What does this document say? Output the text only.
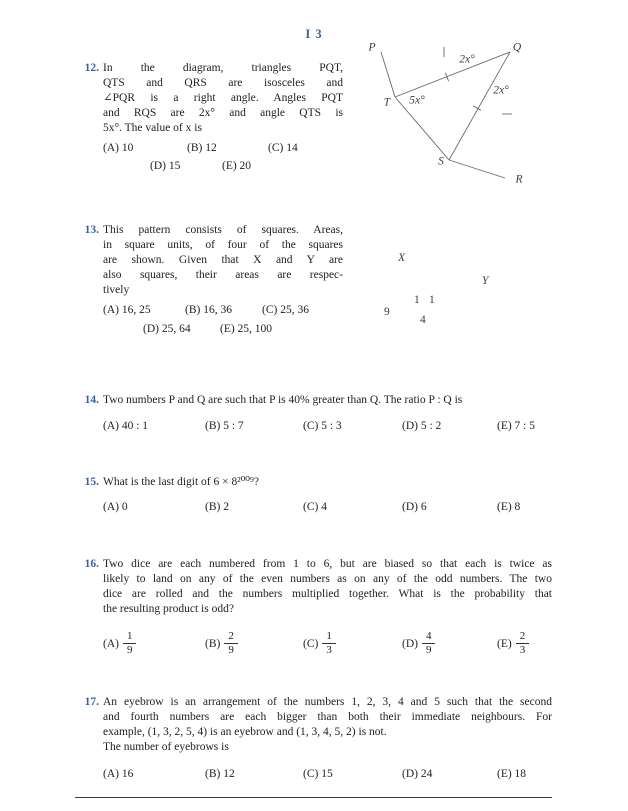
I 3
12. In the diagram, triangles PQT,
QTS and QRS are isosceles and
∠PQR is a right angle. Angles PQT
and RQS are 2x° and angle QTS is
5x°. The value of x is
(A) 10	(B) 12	(C) 14
(D) 15	(E) 20
P	Q
T
S
R
2x°
2x°
5x°
13. This pattern consists of squares. Areas,
in square units, of four of the squares
are shown. Given that X and Y are
also squares, their areas are respec-
tively
(A) 16, 25	(B) 16, 36	(C) 25, 36
(D) 25, 64	(E) 25, 100
X
Y
1 1
9
4
14. Two numbers P and Q are such that P is 40% greater than Q. The ratio P : Q is
(A) 40 : 1	(B) 5 : 7	(C) 5 : 3	(D) 5 : 2	(E) 7 : 5
15. What is the last digit of 6 × 8²⁰⁰⁹?
(A) 0	(B) 2	(C) 4	(D) 6	(E) 8
16. Two dice are each numbered from 1 to 6, but are biased so that each is twice as
likely to land on any of the even numbers as on any of the odd numbers. The two
dice are rolled and the numbers multiplied together. What is the probability that
the resulting product is odd?
$(A) \frac{1}{9}$	$(B) \frac{2}{9}$	$(C) \frac{1}{3}$	$(D) \frac{4}{9}$	$(E) \frac{2}{3}$
17. An eyebrow is an arrangement of the numbers 1, 2, 3, 4 and 5 such that the second
and fourth numbers are each bigger than both their immediate neighbours. For
example, (1, 3, 2, 5, 4) is an eyebrow and (1, 3, 4, 5, 2) is not.
The number of eyebrows is
(A) 16	(B) 12	(C) 15	(D) 24	(E) 18
